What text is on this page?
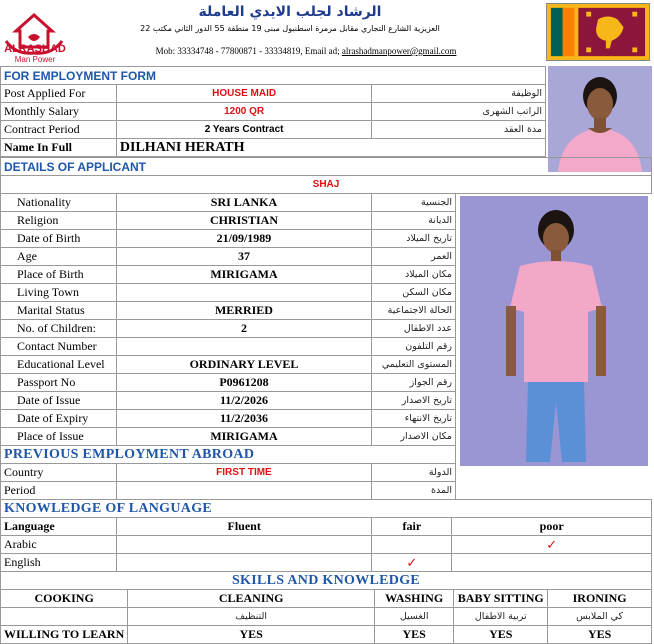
ALRASHAD
Man Power
الرشاد لجلب الايدي العاملة
العزيزية الشارع التجاري مقابل مرمرة اسطنبول مبنى 19 منطقة 55 الدور الثاني مكتب 22
Mob: 33334748 - 77800871 - 33334819, Email ad; alrashadmanpower@gmail.com
FOR EMPLOYMENT FORM		
Post Applied For	HOUSE MAID	الوظيفة
Monthly Salary	1200 QR	الراتب الشهرى
Contract Period	2 Years Contract	مدة العقد
Name In Full	DILHANI HERATH	
DETAILS OF APPLICANT
SHAJ
Nationality	SRI LANKA	الجنسية
Religion	CHRISTIAN	الديانة
Date of Birth	21/09/1989	تاريخ الميلاد
Age	37	العمر
Place of Birth	MIRIGAMA	مكان الميلاد
Living Town		مكان السكن
Marital Status	MERRIED	الحالة الاجتماعية
No. of Children:	2	عدد الاطفال
Contact Number		رقم التلفون
Educational Level	ORDINARY LEVEL	المستوى التعليمي
Passport No	P0961208	رقم الجواز
Date of Issue	11/2/2026	تاريخ الاصدار
Date of Expiry	11/2/2036	تاريخ الانتهاء
Place of Issue	MIRIGAMA	مكان الاصدار
PREVIOUS EMPLOYMENT ABROAD		
Country	FIRST TIME	الدولة
Period		المدة
KNOWLEDGE OF LANGUAGE			
Language	Fluent	fair	poor
Arabic			✓
English		✓	
SKILLS AND KNOWLEDGE				
COOKING	CLEANING	WASHING	BABY SITTING	IRONING
	التنظيف	الغسيل	تربية الاطفال	كي الملابس
WILLING TO LEARN	YES	YES	YES	YES
